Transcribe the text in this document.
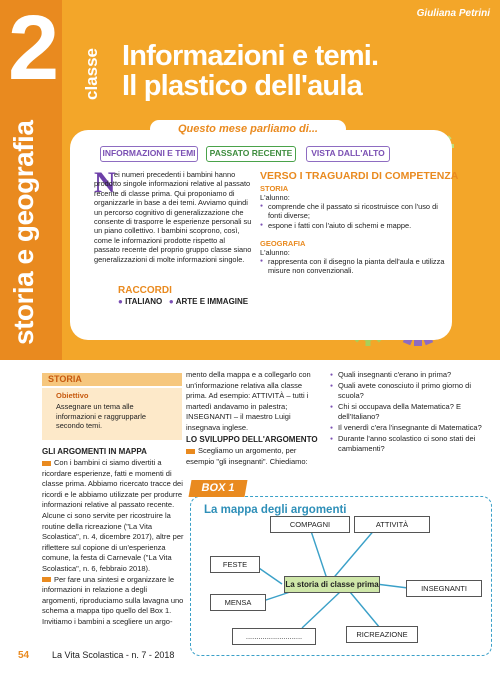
2 classe
storia e geografia
Giuliana Petrini
Informazioni e temi.
Il plastico dell'aula
Questo mese parliamo di...
INFORMAZIONI E TEMI	PASSATO RECENTE	VISTA DALL'ALTO
N
ei numeri precedenti i bambini hanno prodotto singole informazioni relative al passato recente di classe prima. Qui proponiamo di organizzarle in base a dei temi. Avviamo quindi un percorso cognitivo di generalizzazione che consente di trasporre le esperienze personali su un piano collettivo. I bambini scoprono, così, come le informazioni prodotte rispetto al passato recente del proprio gruppo classe siano generalizzazioni di molte informazioni singole.
RACCORDI
● ITALIANO ● ARTE E IMMAGINE
VERSO I TRAGUARDI DI COMPETENZA
STORIA
L'alunno:
● comprende che il passato si ricostruisce con l'uso di fonti diverse;
● espone i fatti con l'aiuto di schemi e mappe.
GEOGRAFIA
L'alunno:
● rappresenta con il disegno la pianta dell'aula e utilizza misure non convenzionali.
STORIA
Obiettivo
Assegnare un tema alle informazioni e raggrupparle secondo temi.
GLI ARGOMENTI IN MAPPA

Con i bambini ci siamo divertiti a ricordare esperienze, fatti e momenti di classe prima. Abbiamo ricercato tracce dei ricordi e le abbiamo utilizzate per produrre informazioni relative al passato recente.

Alcune ci sono servite per ricostruire la routine della ricreazione ("La Vita Scolastica", n. 4, dicembre 2017), altre per riflettere sul copione di un'esperienza comune, la festa di Carnevale ("La Vita Scolastica", n. 6, febbraio 2018).

Per fare una sintesi e organizzare le informazioni in relazione a degli argomenti, riproduciamo sulla lavagna uno schema a mappa tipo quello del Box 1.

Invitiamo i bambini a scegliere un argo-

mento della mappa e a collegarlo con un'informazione relativa alla classe prima. Ad esempio: ATTIVITÀ – tutti i martedì andavamo in palestra; INSEGNANTI – il maestro Luigi insegnava inglese.

LO SVILUPPO DELL'ARGOMENTO

Scegliamo un argomento, per esempio "gli insegnanti". Chiediamo:

● Quali insegnanti c'erano in prima?

● Quali avete conosciuto il primo giorno di scuola?

● Chi si occupava della Matematica? E dell'Italiano?

● Il venerdì c'era l'insegnante di Matematica?

● Durante l'anno scolastico ci sono stati dei cambiamenti?

BOX 1
La mappa degli argomenti
COMPAGNI	ATTIVITÀ
FESTE
La storia di classe prima	INSEGNANTI
MENSA
...........................	RICREAZIONE
54	La Vita Scolastica - n. 7 - 2018
